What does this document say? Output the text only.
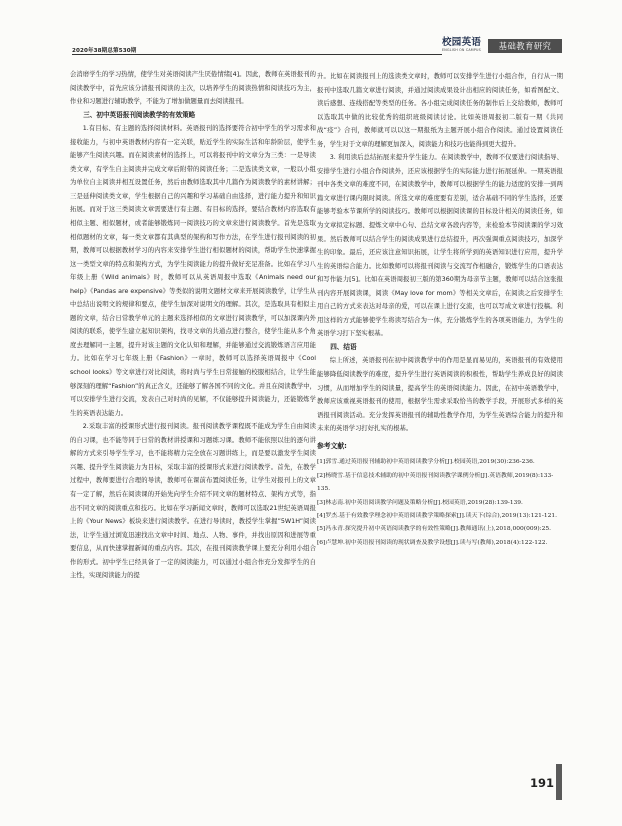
2020年38期总第530期
校园英语
ENGLISH ON CAMPUS	基础教育研究

会消磨学生的学习热情，使学生对英语阅读产生厌倦情绪[4]。因此，教师在英语报刊的阅读教学中，首先应该分清报刊阅读的主次，以培养学生的阅读热情和阅读技巧为主，作业和习题进行辅助教学，不能为了增加做题量而去阅读报刊。

三、初中英语报刊阅读教学的有效策略

1.有目标、有主题的选择阅读材料。英语报刊的选择要符合初中学生的学习需求和接收能力，与初中英语教材内容有一定关联，贴近学生的实际生活和年龄阶层，使学生能够产生阅读兴趣。而在阅读素材的选择上，可以将报刊中的文章分为三类：一是导读类文章，有学生自主阅读并完成文章后附带的阅读任务；二是选读类文章，一般以小组为单位自主阅读并相互设置任务，然后由教师选取其中几篇作为阅读教学的素材讲解；三是延伸阅读类文章，学生根据自己的兴趣和学习基础自由选择，进行能力提升和知识拓展。而对于这三类阅读文章需要进行有主题、有目标的选择，要结合教材内容选取有相似主题、相似题材，或者能够锻炼同一阅读技巧的文章来进行阅读教学。首先是选取相似题材的文章，每一类文章都有其典型的架构和写作方法，在学生进行报刊阅读的初期，教师可以根据教材学习的内容来安排学生进行相似题材的阅读，帮助学生快速掌握这一类型文章的特点和架构方式，为学生阅读能力的提升做好充足准备。比如在学习八年级上册《Wild animals》时，教师可以从英语周报中选取《Animals need our help》《Pandas are expensive》等类似的说明文题材文章来开展阅读教学，让学生从中总结出说明文的规律和要点，使学生加深对说明文的理解。其次，是选取具有相似主题的文章，结合日常教学单元的主题来选择相似的文章进行阅读教学，可以加深课内外阅读的联系，使学生建立起知识架构，找寻文章的共通点进行整合，使学生能从多个角度去理解同一主题，提升对该主题的文化认知和理解，并能够通过交流锻炼语言应用能力。比如在学习七年级上册《Fashion》一章时，教师可以选择英语周报中《Cool school looks》等文章进行对比阅读，将时尚与学生日常接触的校服相结合，让学生能够深刻的理解“Fashion”的真正含义，还能够了解各国不同的文化。并且在阅读教学中，可以安排学生进行交流，发表自己对时尚的见解，不仅能够提升阅读能力，还能锻炼学生的英语表达能力。

2.采取丰富的授课形式进行报刊阅读。报刊阅读教学课程既不能成为学生自由阅读的自习课，也不能等同于日常的教材讲授课和习题练习课。教师不能依照以往的逐句讲解的方式来引导学生学习，也不能将精力完全放在习题讲练上，而是要以激发学生阅读兴趣、提升学生阅读能力为目标，采取丰富的授课形式来进行阅读教学。首先，在教学过程中，教师要进行合理的导读，教师可在课前布置阅读任务，让学生对报刊上的文章有一定了解，然后在阅读课的开始先向学生介绍不同文章的题材特点、架构方式等，指出不同文章的阅读重点和技巧。比如在学习新闻文章时，教师可以选取21世纪英语周报上的《Your News》板块来进行阅读教学。在进行导读时，教授学生掌握”5W1H”阅读法，让学生通过浏览迅速找出文章中时间、地点、人物、事件，并找出原因和进展等重要信息，从而快速掌握新闻的重点内容。其次，在报刊阅读教学课上要充分利用小组合作的形式。初中学生已经具备了一定的阅读能力，可以通过小组合作充分发挥学生的自主性，实现阅读能力的提

升。比如在阅读报刊上的选读类文章时，教师可以安排学生进行小组合作，自行从一期报刊中选取几篇文章进行阅读，并通过阅读成果设计出相应的阅读任务，如看图配文、读后感想、连线搭配等类型的任务。各小组完成阅读任务的制作后上交给教师，教师可以选取其中做的比较优秀的组织班级阅读讨论。比如英语周报初二版有一期《共同战“疫”》合刊，教师就可以以这一期报纸为主题开展小组合作阅读。通过设置阅读任务，学生对于文章的理解更加深入，阅读能力和技巧也能得到更大提升。

3. 利用读后总结拓展来提升学生能力。在阅读教学中，教师不仅要进行阅读指导、安排学生进行小组合作阅读外，还应该根据学生的实际能力进行拓展延伸。一期英语报刊中各类文章的难度不同，在阅读教学中，教师可以根据学生的能力适度的安排一到两篇文章进行课内限时阅读。所选文章的难度要有差别，适合基础不同的学生选择，还要能够考验本节课所学的阅读技巧。教师可以根据阅读课的目标设计相关的阅读任务，如为文章拟定标题、提炼文章中心句、总结文章各段内容等，来检验本节阅读课的学习效果。然后教师可以结合学生的阅读成果进行总结提升，再次强调重点阅读技巧，加深学生的印象。最后，还应该注意知识拓展，让学生将所学到的英语知识进行应用，提升学生的英语综合能力。比如教师可以将报刊阅读与交流写作相融合，锻炼学生的口语表达和写作能力[5]。比如在英语周报初三版的第360期为母亲节主题，教师可以结合这张报刊内容开展阅读课，阅读《May love for mom》等相关文章后，在阅读之后安排学生用自己的方式来表达对母亲的爱，可以在课上进行交流，也可以写成文章进行投稿。利用这样的方式能够使学生将读写结合为一体，充分锻炼学生的各项英语能力，为学生的英语学习打下坚实根基。

四、结语

综上所述，英语报刊在初中阅读教学中的作用是显而易见的，英语报刊的有效使用能够降低阅读教学的难度，提升学生进行英语阅读的积极性，帮助学生养成良好的阅读习惯，从而增加学生的阅读量，提高学生的英语阅读能力。因此，在初中英语教学中，教师应该重视英语报刊的使用，根据学生需求采取恰当的教学手段，开展形式多样的英语报刊阅读活动。充分发挥英语报刊的辅助性教学作用，为学生英语综合能力的提升和未来的英语学习打好扎实的根基。

参考文献:
[1]郭雪.通过英语报刊辅助初中英语阅读教学分析[J].校园英语,2019(30):236-236.
[2]杨晓雪.基于信息技术辅助的初中英语报刊阅读教学课例分析[J].英语教师,2019(8):133-135.
[3]林志南.初中英语阅读教学问题及策略分析[J].校园英语,2019(28):139-139.
[4]罗杰.基于有效教学理念初中英语阅读教学策略探索[J].读天下(综合),2019(13):121-121.
[5]冯永青.探究提升初中英语阅读教学的有效性策略[J].教师通讯(上),2018,000(009):25.
[6]卢慧坤.初中英语报刊阅读的现状调查及教学设想[J].读与写(教师),2018(4):122-122.
191
